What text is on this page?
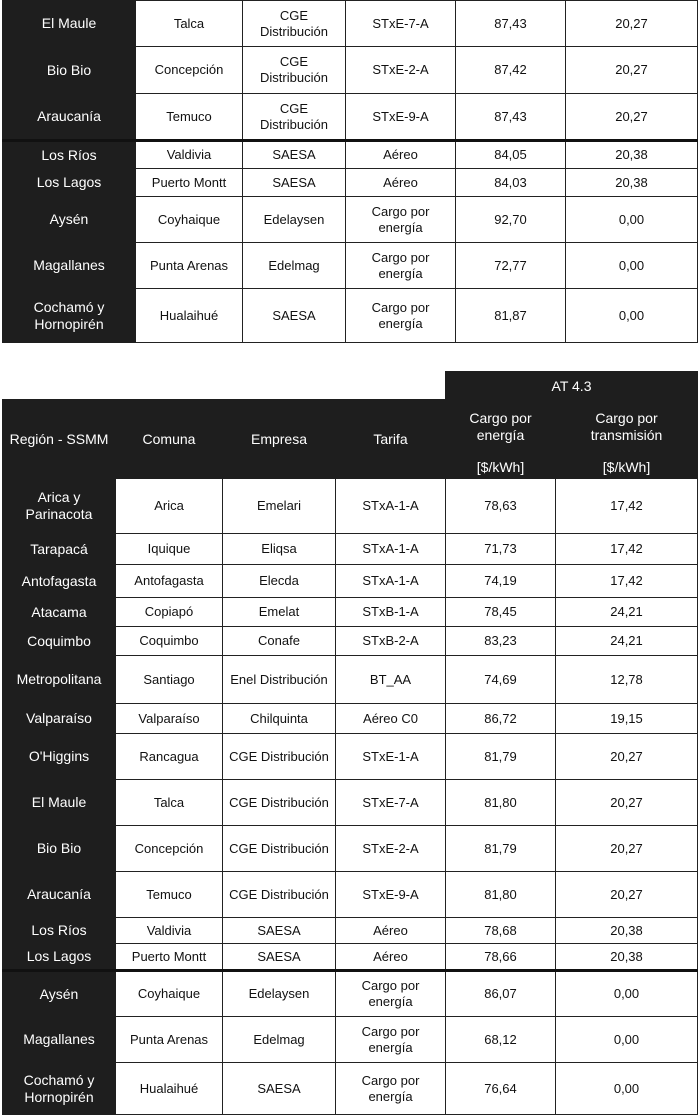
El Maule	Talca	CGE Distribución	STxE-7-A	87,43	20,27
Bio Bio	Concepción	CGE Distribución	STxE-2-A	87,42	20,27
Araucanía	Temuco	CGE Distribución	STxE-9-A	87,43	20,27
Los Ríos	Valdivia	SAESA	Aéreo	84,05	20,38
Los Lagos	Puerto Montt	SAESA	Aéreo	84,03	20,38
Aysén	Coyhaique	Edelaysen	Cargo por energía	92,70	0,00
Magallanes	Punta Arenas	Edelmag	Cargo por energía	72,77	0,00
Cochamó y Hornopirén	Hualaihué	SAESA	Cargo por energía	81,87	0,00
				AT 4.3	
Región - SSMM	Comuna	Empresa	Tarifa	Cargo por energía	Cargo por transmisión
				[$/kWh]	[$/kWh]
Arica y Parinacota	Arica	Emelari	STxA-1-A	78,63	17,42
Tarapacá	Iquique	Eliqsa	STxA-1-A	71,73	17,42
Antofagasta	Antofagasta	Elecda	STxA-1-A	74,19	17,42
Atacama	Copiapó	Emelat	STxB-1-A	78,45	24,21
Coquimbo	Coquimbo	Conafe	STxB-2-A	83,23	24,21
Metropolitana	Santiago	Enel Distribución	BT_AA	74,69	12,78
Valparaíso	Valparaíso	Chilquinta	Aéreo C0	86,72	19,15
O'Higgins	Rancagua	CGE Distribución	STxE-1-A	81,79	20,27
El Maule	Talca	CGE Distribución	STxE-7-A	81,80	20,27
Bio Bio	Concepción	CGE Distribución	STxE-2-A	81,79	20,27
Araucanía	Temuco	CGE Distribución	STxE-9-A	81,80	20,27
Los Ríos	Valdivia	SAESA	Aéreo	78,68	20,38
Los Lagos	Puerto Montt	SAESA	Aéreo	78,66	20,38
Aysén	Coyhaique	Edelaysen	Cargo por energía	86,07	0,00
Magallanes	Punta Arenas	Edelmag	Cargo por energía	68,12	0,00
Cochamó y Hornopirén	Hualaihué	SAESA	Cargo por energía	76,64	0,00
